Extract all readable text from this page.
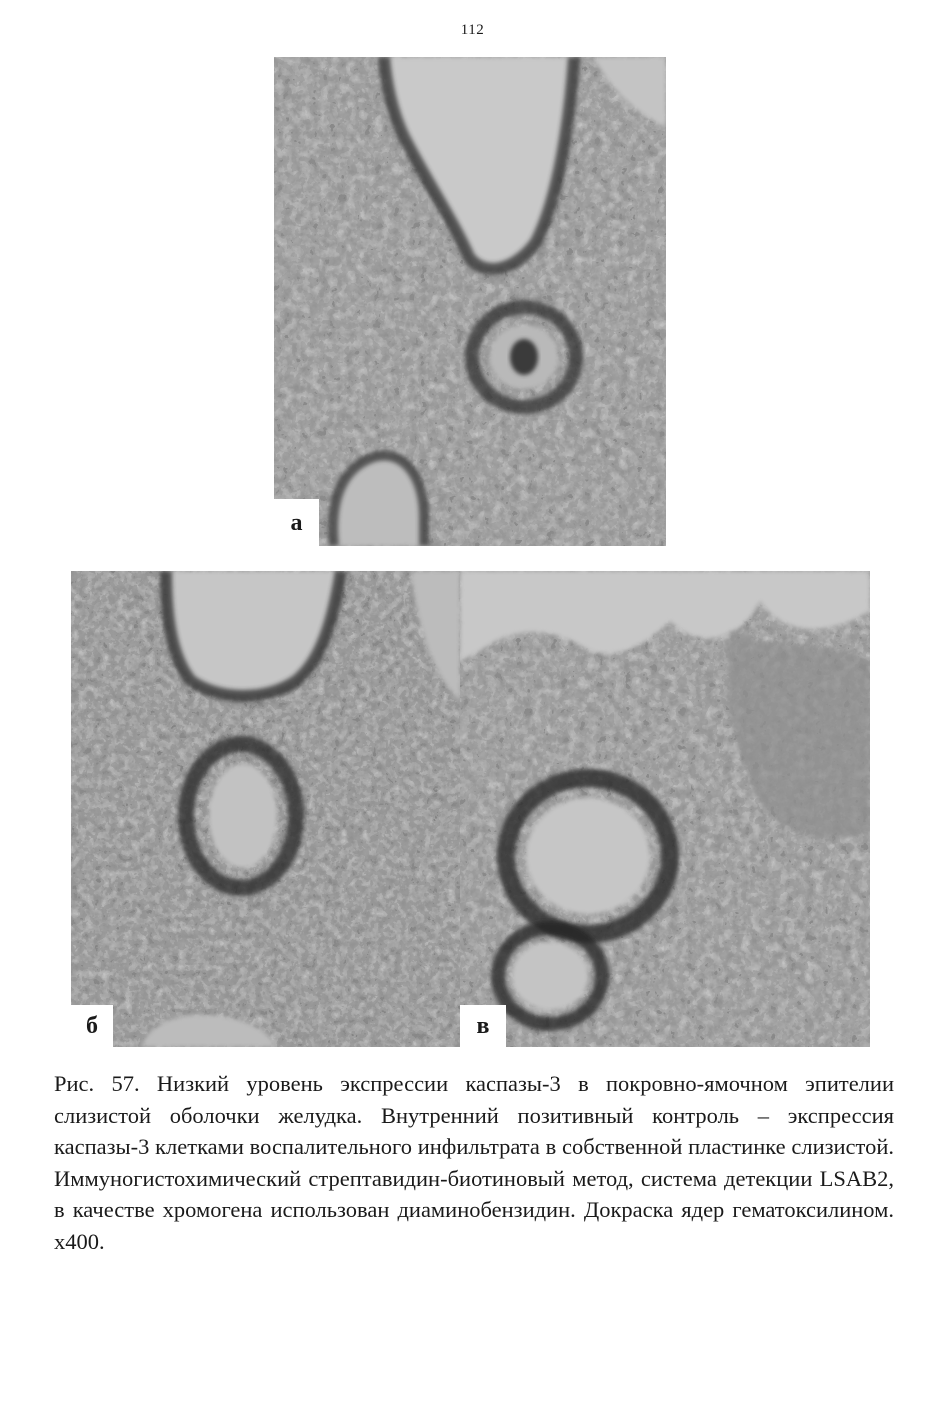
112
а
б	в
Рис. 57. Низкий уровень экспрессии каспазы-3 в покровно-ямочном эпителии слизистой оболочки желудка. Внутренний позитивный контроль – экспрессия каспазы-3 клетками воспалительного инфильтрата в собственной пластинке слизистой. Иммуногистохимический стрептавидин-биотиновый метод, система детекции LSAB2, в качестве хромогена использован диаминобензидин. Докраска ядер гематоксилином. х400.
